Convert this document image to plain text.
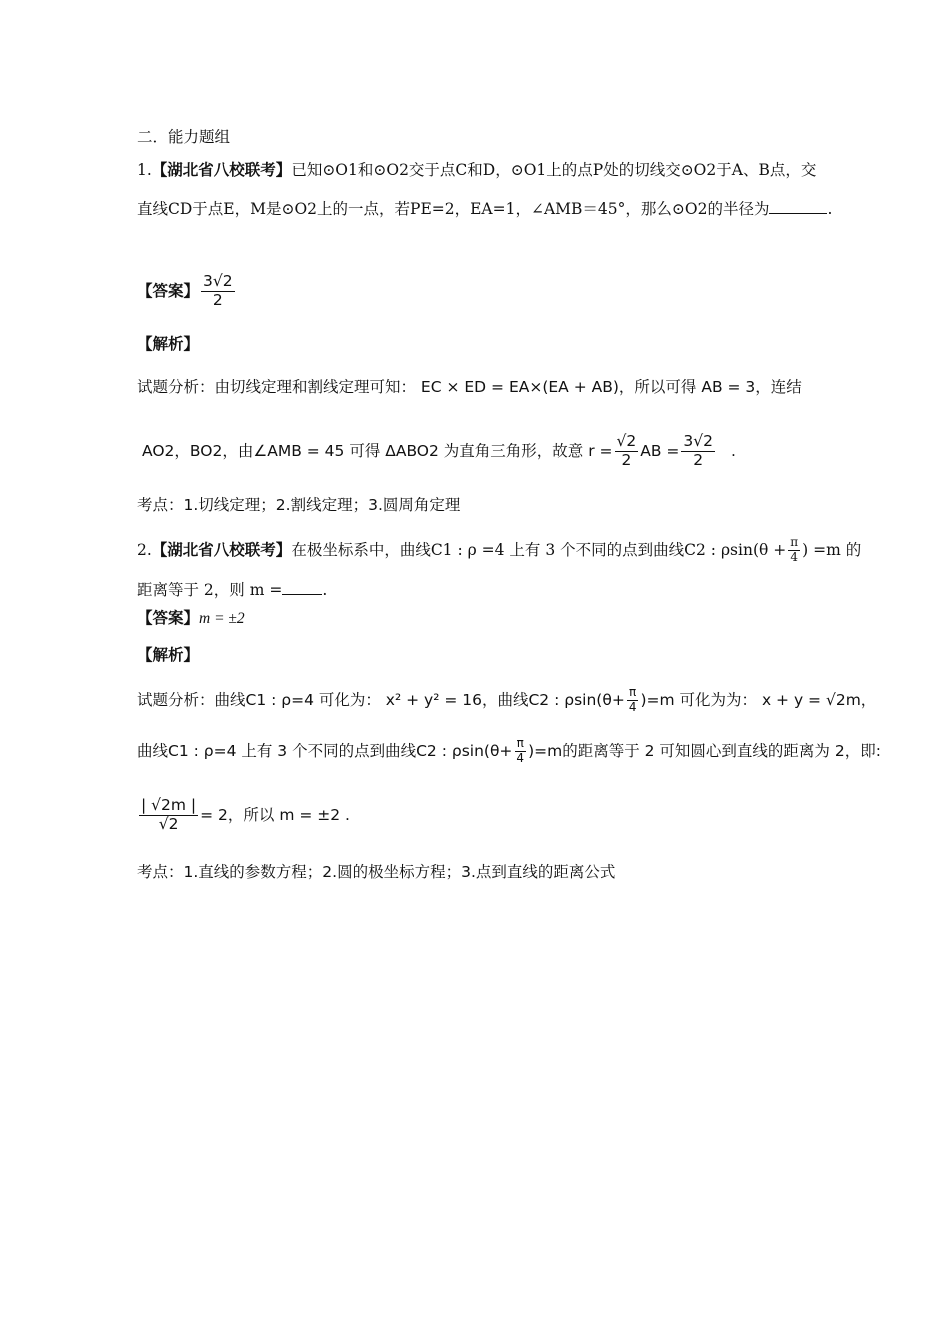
二．能力题组
1.【湖北省八校联考】已知⊙O1和⊙O2交于点C和D，⊙O1上的点P处的切线交⊙O2于A、B点，交
直线CD于点E，M是⊙O2上的一点，若PE=2，EA=1，∠AMB＝45°，那么⊙O2的半径为	.
【答案】 $\frac{3√2}{2}$
【解析】
试题分析：由切线定理和割线定理可知： EC × ED = EA×(EA + AB)，所以可得 AB = 3，连结
AO2，BO2，由∠AMB = 45 可得 ΔABO2 为直角三角形，故意 $r = \frac{√2}{2}$ AB = $\frac{3√2}{2}$ .
考点：1.切线定理；2.割线定理；3.圆周角定理
2. 【湖北省八校联考】 在极坐标系中，曲线C1 : ρ =4 上有 3 个不同的点到曲线C2 : $\rho\sin(\theta + \frac{\pi}{4}$ ) =m 的
距离等于 2，则 m =	.
【答案】m = ±2
【解析】
试题分析：曲线C1 : ρ=4 可化为： x² + y² = 16，曲线C2 : $\rho\sin(\theta+ \frac{\pi}{4} )=m$ 可化为为： x + y = √2m，
曲线C1 : ρ=4 上有 3 个不同的点到曲线C2 : $\rho\sin(\theta+ \frac{\pi}{4} )=m$的距离等于 2 可知圆心到直线的距离为 2，即:
$\frac{| √2m |}{√2} = 2$，所以 m = ±2 .
考点：1.直线的参数方程；2.圆的极坐标方程；3.点到直线的距离公式
